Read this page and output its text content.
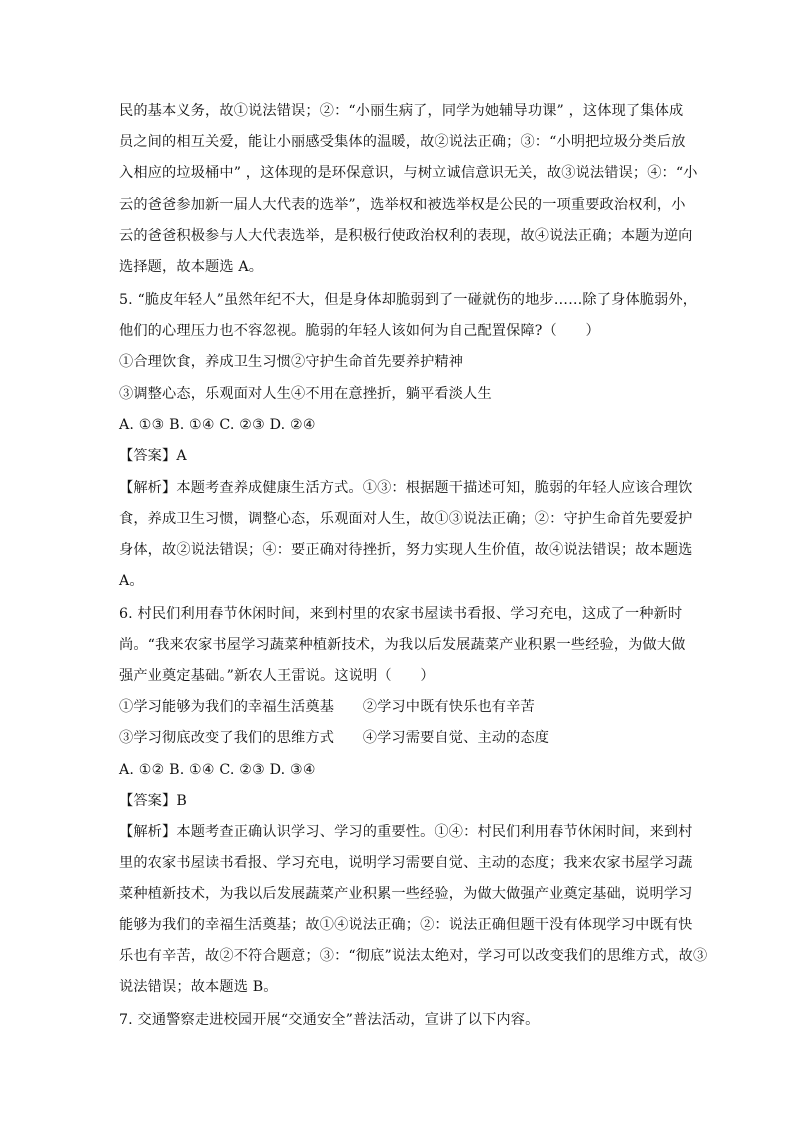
民的基本义务，故①说法错误；②：“小丽生病了，同学为她辅导功课” ，这体现了集体成
员之间的相互关爱，能让小丽感受集体的温暖，故②说法正确；③：“小明把垃圾分类后放
入相应的垃圾桶中” ，这体现的是环保意识，与树立诚信意识无关，故③说法错误；④：“小
云的爸爸参加新一届人大代表的选举”，选举权和被选举权是公民的一项重要政治权利，小
云的爸爸积极参与人大代表选举，是积极行使政治权利的表现，故④说法正确；本题为逆向
选择题，故本题选 A。
5. “脆皮年轻人”虽然年纪不大，但是身体却脆弱到了一碰就伤的地步……除了身体脆弱外，
他们的心理压力也不容忽视。脆弱的年轻人该如何为自己配置保障?（　　）
①合理饮食，养成卫生习惯②守护生命首先要养护精神
③调整心态，乐观面对人生④不用在意挫折，躺平看淡人生
A. ①③ B. ①④ C. ②③ D. ②④
【答案】A
【解析】本题考查养成健康生活方式。①③：根据题干描述可知，脆弱的年轻人应该合理饮
食，养成卫生习惯，调整心态，乐观面对人生，故①③说法正确；②：守护生命首先要爱护
身体，故②说法错误；④：要正确对待挫折，努力实现人生价值，故④说法错误；故本题选
A。
6. 村民们利用春节休闲时间，来到村里的农家书屋读书看报、学习充电，这成了一种新时
尚。“我来农家书屋学习蔬菜种植新技术，为我以后发展蔬菜产业积累一些经验，为做大做
强产业奠定基础。”新农人王雷说。这说明（　　）
①学习能够为我们的幸福生活奠基　　②学习中既有快乐也有辛苦
③学习彻底改变了我们的思维方式　　④学习需要自觉、主动的态度
A. ①② B. ①④ C. ②③ D. ③④
【答案】B
【解析】本题考查正确认识学习、学习的重要性。①④：村民们利用春节休闲时间，来到村
里的农家书屋读书看报、学习充电，说明学习需要自觉、主动的态度；我来农家书屋学习蔬
菜种植新技术，为我以后发展蔬菜产业积累一些经验，为做大做强产业奠定基础，说明学习
能够为我们的幸福生活奠基；故①④说法正确；②：说法正确但题干没有体现学习中既有快
乐也有辛苦，故②不符合题意；③：“彻底”说法太绝对，学习可以改变我们的思维方式，故③
说法错误；故本题选 B。
7. 交通警察走进校园开展“交通安全”普法活动，宣讲了以下内容。
